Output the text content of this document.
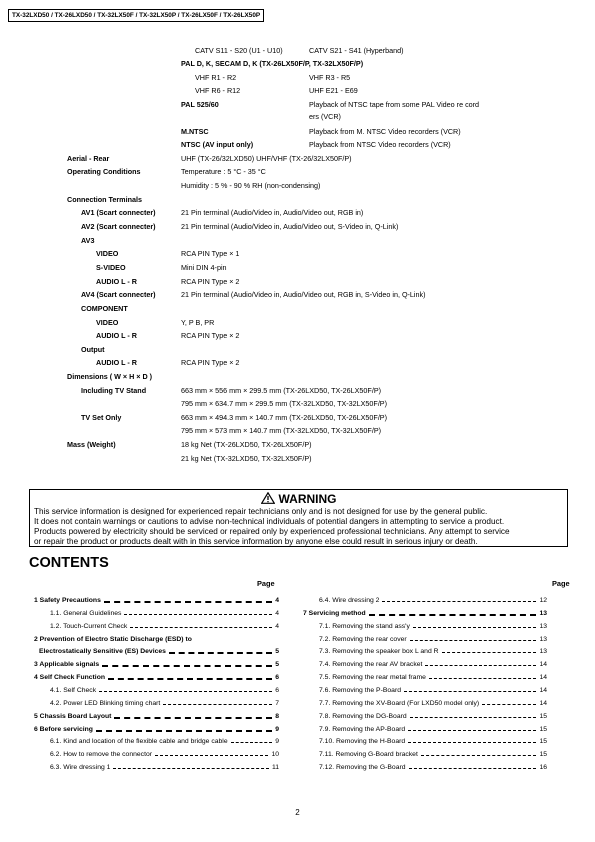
TX-32LXD50 / TX-26LXD50 / TX-32LX50F / TX-32LX50P / TX-26LX50F / TX-26LX50P
CATV S11 - S20 (U1 - U10)	CATV S21 - S41 (Hyperband)
PAL D, K, SECAM D, K (TX-26LX50F/P, TX-32LX50F/P)
VHF R1 - R2	VHF R3 - R5
VHF R6 - R12	UHF E21 - E69
PAL 525/60	Playback of NTSC tape from some PAL Video re cord
ers (VCR)
M.NTSC	Playback from M. NTSC Video recorders (VCR)
NTSC (AV input only)	Playback from NTSC Video recorders (VCR)
Aerial - Rear	UHF (TX-26/32LXD50) UHF/VHF (TX-26/32LX50F/P)
Operating Conditions	Temperature : 5 °C - 35 °C
Humidity : 5 % - 90 % RH (non-condensing)
Connection Terminals
AV1 (Scart connecter)	21 Pin terminal (Audio/Video in, Audio/Video out, RGB in)
AV2 (Scart connecter)	21 Pin terminal (Audio/Video in, Audio/Video out, S-Video in, Q-Link)
AV3
VIDEO	RCA PIN Type × 1
S-VIDEO	Mini DIN 4-pin
AUDIO L - R	RCA PIN Type × 2
AV4 (Scart connecter)	21 Pin terminal (Audio/Video in, Audio/Video out, RGB in, S-Video in, Q-Link)
COMPONENT
VIDEO	Y, P B, PR
AUDIO L - R	RCA PIN Type × 2
Output
AUDIO L - R	RCA PIN Type × 2
Dimensions ( W × H × D )
Including TV Stand	663 mm × 556 mm × 299.5 mm (TX-26LXD50, TX-26LX50F/P)
795 mm × 634.7 mm × 299.5 mm (TX-32LXD50, TX-32LX50F/P)
TV Set Only	663 mm × 494.3 mm × 140.7 mm (TX-26LXD50, TX-26LX50F/P)
795 mm × 573 mm × 140.7 mm (TX-32LXD50, TX-32LX50F/P)
Mass (Weight)	18 kg Net (TX-26LXD50, TX-26LX50F/P)
21 kg Net (TX-32LXD50, TX-32LX50F/P)
WARNING
This service information is designed for experienced repair technicians only and is not designed for use by the general public.
It does not contain warnings or cautions to advise non-technical individuals of potential dangers in attempting to service a product.
Products powered by electricity should be serviced or repaired only by experienced professional technicians. Any attempt to service
or repair the product or products dealt with in this service information by anyone else could result in serious injury or death.
CONTENTS
Page	Page
1 Safety Precautions	4
1.1. General Guidelines	4
1.2. Touch-Current Check	4
2 Prevention of Electro Static Discharge (ESD) to
Electrostatically Sensitive (ES) Devices	5
3 Applicable signals	5
4 Self Check Function	6
4.1. Self Check	6
4.2. Power LED Blinking timing chart	7
5 Chassis Board Layout	8
6 Before servicing	9
6.1. Kind and location of the flexible cable and bridge cable	9
6.2. How to remove the connector	10
6.3. Wire dressing 1	11
6.4. Wire dressing 2	12
7 Servicing method	13
7.1. Removing the stand ass'y	13
7.2. Removing the rear cover	13
7.3. Removing the speaker box L and R	13
7.4. Removing the rear AV bracket	14
7.5. Removing the rear metal frame	14
7.6. Removing the P-Board	14
7.7. Removing the XV-Board (For LXD50 model only)	14
7.8. Removing the DG-Board	15
7.9. Removing the AP-Board	15
7.10. Removing the H-Board	15
7.11. Removing G-Board bracket	15
7.12. Removing the G-Board	16
2
